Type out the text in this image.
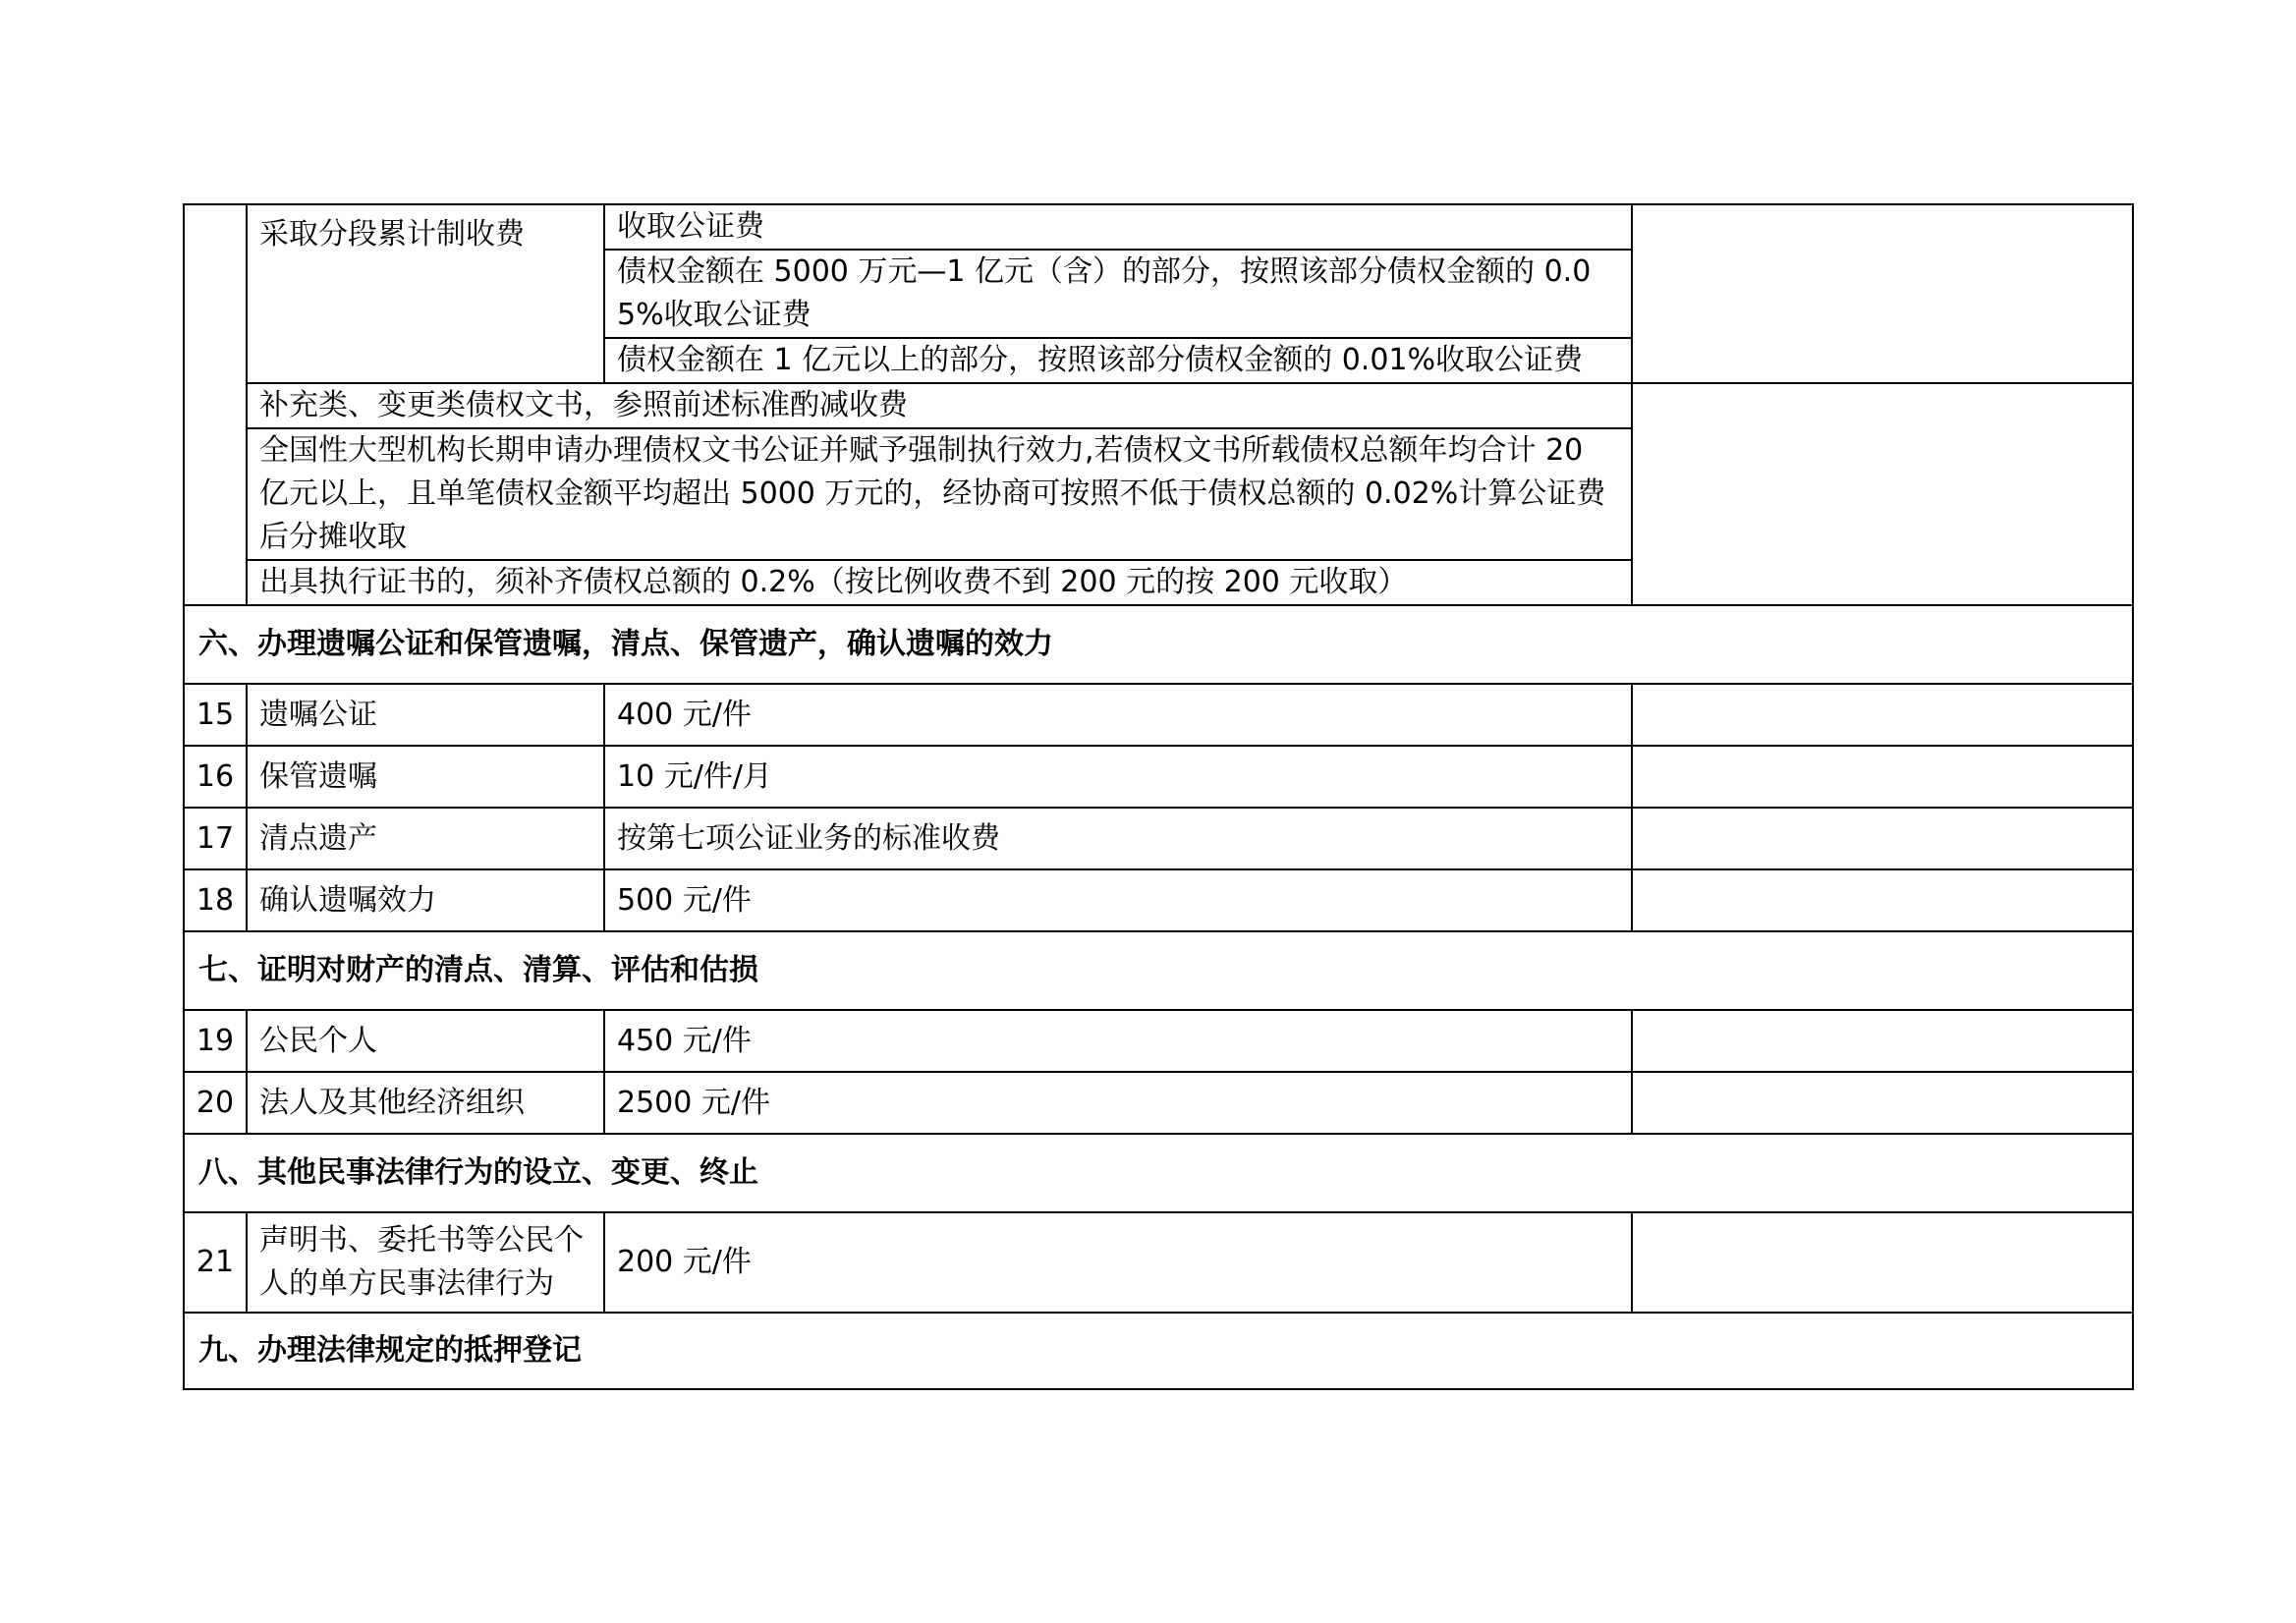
	采取分段累计制收费	收取公证费	
		债权金额在 5000 万元—1 亿元（含）的部分，按照该部分债权金额的 0.05%收取公证费	
		债权金额在 1 亿元以上的部分，按照该部分债权金额的 0.01%收取公证费	

	补充类、变更类债权文书，参照前述标准酌减收费		
	全国性大型机构长期申请办理债权文书公证并赋予强制执行效力,若债权文书所载债权总额年均合计 20 亿元以上，且单笔债权金额平均超出 5000 万元的，经协商可按照不低于债权总额的 0.02%计算公证费后分摊收取		
	出具执行证书的，须补齐债权总额的 0.2%（按比例收费不到 200 元的按 200 元收取）		
六、办理遗嘱公证和保管遗嘱，清点、保管遗产，确认遗嘱的效力			
15	遗嘱公证	400 元/件	
16	保管遗嘱	10 元/件/月	
17	清点遗产	按第七项公证业务的标准收费	
18	确认遗嘱效力	500 元/件	
七、证明对财产的清点、清算、评估和估损			
19	公民个人	450 元/件	
20	法人及其他经济组织	2500 元/件	
八、其他民事法律行为的设立、变更、终止			
21	声明书、委托书等公民个人的单方民事法律行为	200 元/件	
九、办理法律规定的抵押登记			
